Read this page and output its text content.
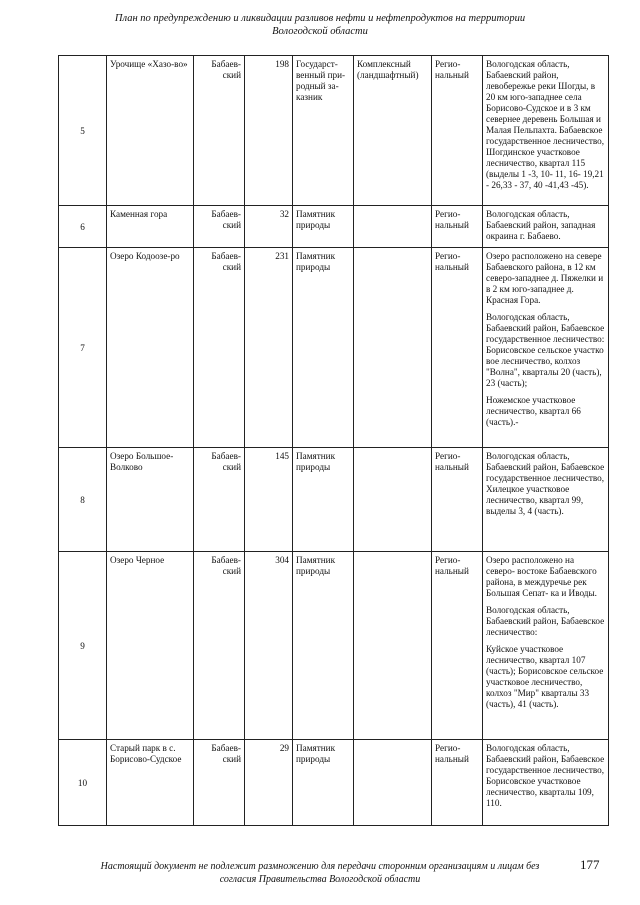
План по предупреждению и ликвидации разливов нефти и нефтепродуктов на территории
Вологодской области
5	Урочище «Хазо-во»	Бабаев-ский	198	Государст-венный при-родный за-казник	Комплексный (ландшафтный)	Регио-нальный	Вологодская область, Бабаевский район, левобережье реки Шогды, в 20 км юго-западнее села Борисово-Судское и в 3 км севернее деревень Большая и Малая Пельпахта. Бабаевское государственное лесничество, Шогдинское участковое лесничество, квартал 115 (выделы 1 -3, 10- 11, 16- 19,21 - 26,33 - 37, 40 -41,43 -45).

6	Каменная гора	Бабаев-ский	32	Памятник природы		Регио-нальный	Вологодская область, Бабаевский район, западная окраина г. Бабаево.

7	Озеро Кодоозе-ро	Бабаев-ский	231	Памятник природы		Регио-нальный	Озеро расположено на севере Бабаевского района, в 12 км северо-западнее д. Пяжелки и в 2 км юго-западнее д. Красная Гора.

Вологодская область, Бабаевский район, Бабаевское государственное лесничество: Борисовское сельское участко вое лесничество, колхоз "Волна", кварталы 20 (часть), 23 (часть);

Ножемское участковое лесничество, квартал 66 (часть).-

8	Озеро Большое-Волково	Бабаев-ский	145	Памятник природы		Регио-нальный	Вологодская область, Бабаевский район, Бабаевское государственное лесничество, Хилецкое участковое лесничество, квартал 99, выделы 3, 4 (часть).

9	Озеро Черное	Бабаев-ский	304	Памятник природы		Регио-нальный	Озеро расположено на северо- востоке Бабаевского района, в междуречье рек Большая Сепат- ка и Иводы.

Вологодская область, Бабаевский район, Бабаевское лесничество:

Куйское участковое лесничество, квартал 107 (часть); Борисовское сельское участковое лесничество, колхоз "Мир" кварталы 33 (часть), 41 (часть).

10	Старый парк в с. Борисово-Судское	Бабаев-ский	29	Памятник природы		Регио-нальный	Вологодская область, Бабаевский район, Бабаевское государственное лесничество, Борисовское участковое лесничество, кварталы 109, 110.

Настоящий документ не подлежит размножению для передачи сторонним организациям и лицам без
согласия Правительства Вологодской области
177
